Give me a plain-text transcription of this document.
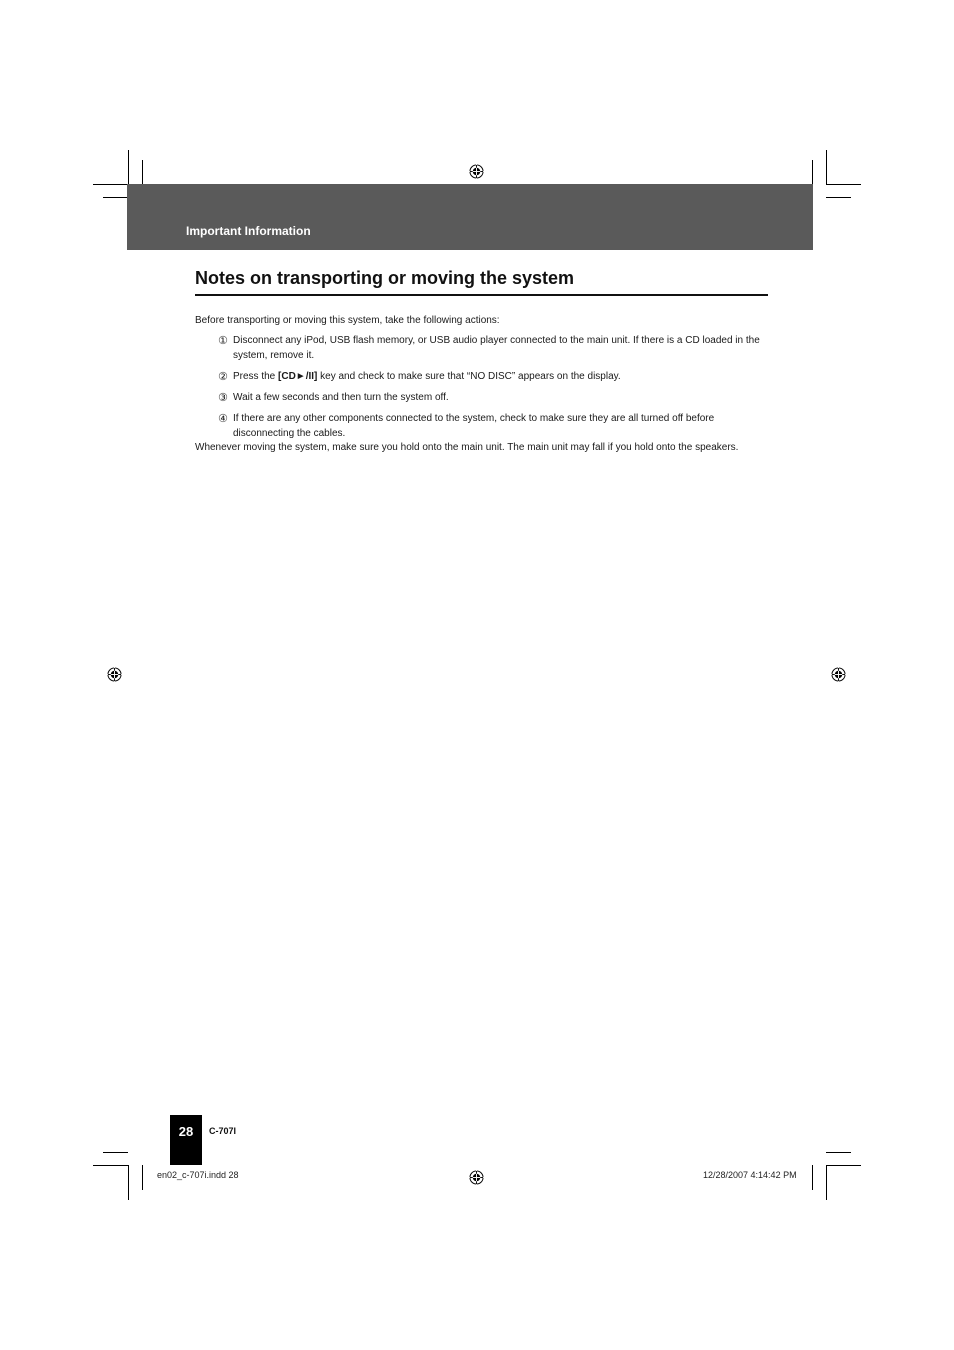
Important Information
Notes on transporting or moving the system
Before transporting or moving this system, take the following actions:
① Disconnect any iPod, USB flash memory, or USB audio player connected to the main unit. If there is a CD loaded in the system, remove it.
② Press the [CD►/II] key and check to make sure that “NO DISC” appears on the display.
③ Wait a few seconds and then turn the system off.
④ If there are any other components connected to the system, check to make sure they are all turned off before disconnecting the cables.
Whenever moving the system, make sure you hold onto the main unit. The main unit may fall if you hold onto the speakers.
28	C-707I
en02_c-707i.indd 28	12/28/2007 4:14:42 PM
